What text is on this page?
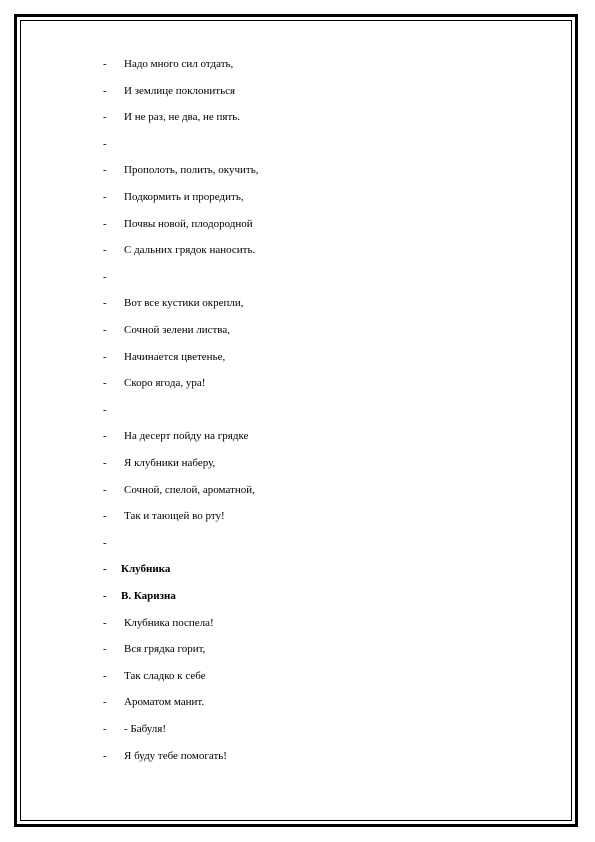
- Надо много сил отдать,
- И землице поклониться
- И не раз, не два, не пять.
-
- Прополоть, полить, окучить,
- Подкормить и проредить,
- Почвы новой, плодородной
- С дальних грядок наносить.
-
- Вот все кустики окрепли,
- Сочной зелени листва,
- Начинается цветенье,
- Скоро ягода, ура!
-
- На десерт пойду на грядке
- Я клубники наберу,
- Сочной, спелой, ароматной,
- Так и тающей во рту!
-
- Клубника
- В. Каризна
- Клубника поспела!
- Вся грядка горит,
- Так сладко к себе
- Ароматом манит.
- - Бабуля!
- Я буду тебе помогать!
